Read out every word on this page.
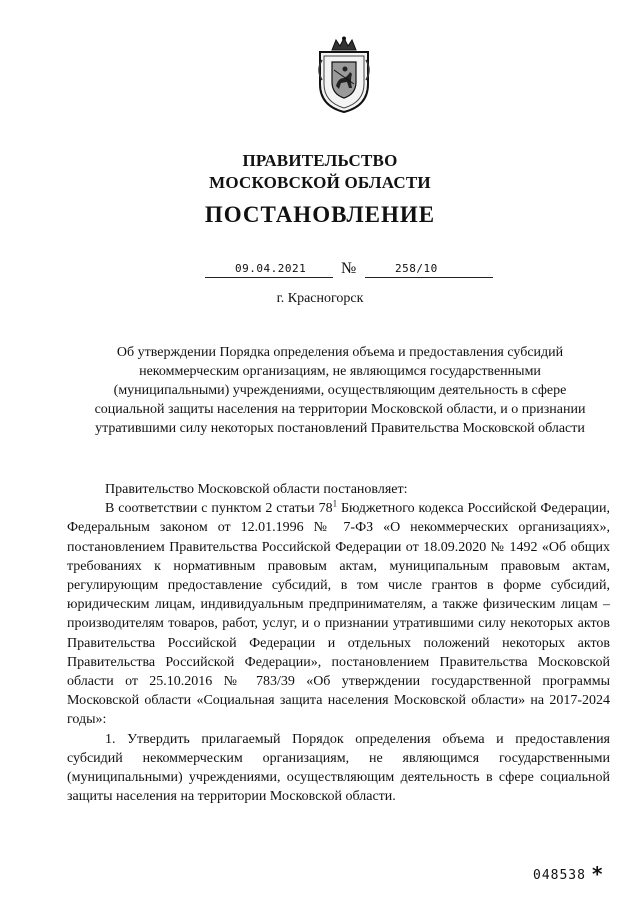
ПРАВИТЕЛЬСТВО
МОСКОВСКОЙ ОБЛАСТИ
ПОСТАНОВЛЕНИЕ
09.04.2021 №	258/10
г. Красногорск
Об утверждении Порядка определения объема и предоставления субсидий
некоммерческим организациям, не являющимся государственными
(муниципальными) учреждениями, осуществляющим деятельность в сфере
социальной защиты населения на территории Московской области, и о признании
утратившими силу некоторых постановлений Правительства Московской области

Правительство Московской области постановляет:

В соответствии с пунктом 2 статьи $78^1$ Бюджетного кодекса Российской Федерации, Федеральным законом от 12.01.1996 № 7-ФЗ «О некоммерческих организациях», постановлением Правительства Российской Федерации от 18.09.2020 № 1492 «Об общих требованиях к нормативным правовым актам, муниципальным правовым актам, регулирующим предоставление субсидий, в том числе грантов в форме субсидий, юридическим лицам, индивидуальным предпринимателям, а также физическим лицам – производителям товаров, работ, услуг, и о признании утратившими силу некоторых актов Правительства Российской Федерации и отдельных положений некоторых актов Правительства Российской Федерации», постановлением Правительства Московской области от 25.10.2016 № 783/39 «Об утверждении государственной программы Московской области «Социальная защита населения Московской области» на 2017-2024 годы»:

1. Утвердить прилагаемый Порядок определения объема и предоставления субсидий некоммерческим организациям, не являющимся государственными (муниципальными) учреждениями, осуществляющим деятельность в сфере социальной защиты населения на территории Московской области.

048538 *
